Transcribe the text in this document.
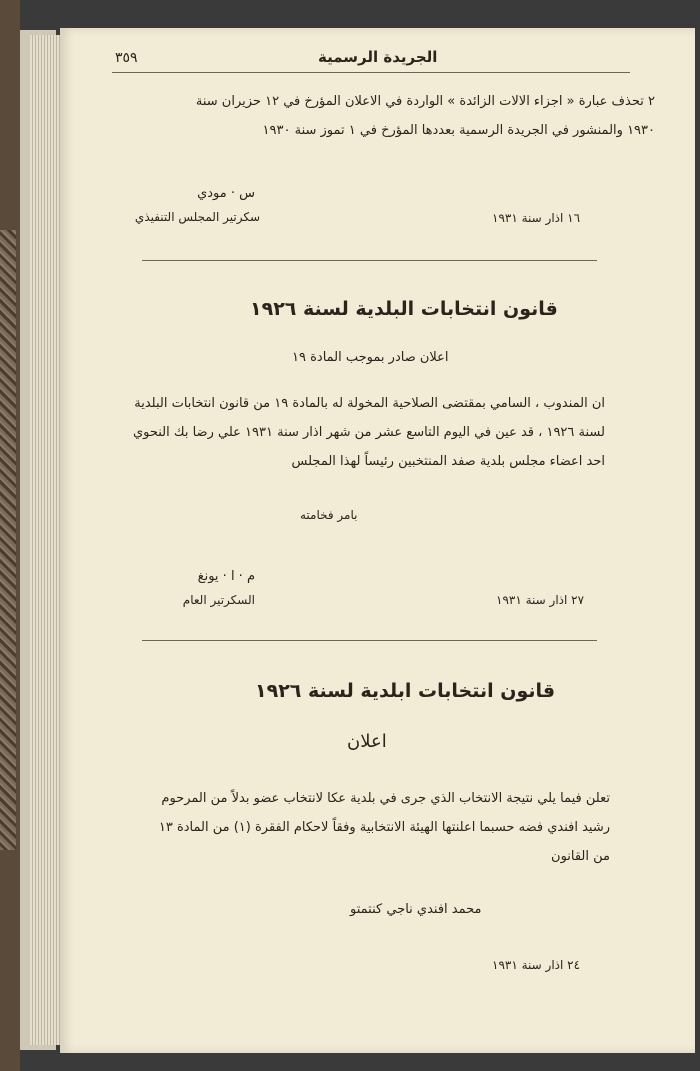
٣٥٩	الجريدة الرسمية
٢ تحذف عبارة « اجزاء الالات الزائدة » الواردة في الاعلان المؤرخ في ١٢ حزيران سنة
١٩٣٠ والمنشور في الجريدة الرسمية بعددها المؤرخ في ١ تموز سنة ١٩٣٠
س · مودي
سكرتير المجلس التنفيذي	١٦ اذار سنة ١٩٣١
قانون انتخابات البلدية لسنة ١٩٢٦
اعلان صادر بموجب المادة ١٩
ان المندوب ، السامي بمقتضى الصلاحية المخولة له بالمادة ١٩ من قانون انتخابات البلدية
لسنة ١٩٢٦ ، قد عين في اليوم التاسع عشر من شهر اذار سنة ١٩٣١ علي رضا بك النحوي
احد اعضاء مجلس بلدية صفد المنتخبين رئيساً لهذا المجلس
بامر فخامته
م · ا · يونغ
السكرتير العام	٢٧ اذار سنة ١٩٣١
قانون انتخابات ابلدية لسنة ١٩٢٦
اعلان
تعلن فيما يلي نتيجة الانتخاب الذي جرى في بلدية عكا لانتخاب عضو بدلاً من المرحوم
رشيد افندي فضه حسبما اعلنتها الهيئة الانتخابية وفقاً لاحكام الفقرة (١) من المادة ١٣
من القانون
محمد افندي ناجي كنتمتو
٢٤ اذار سنة ١٩٣١
